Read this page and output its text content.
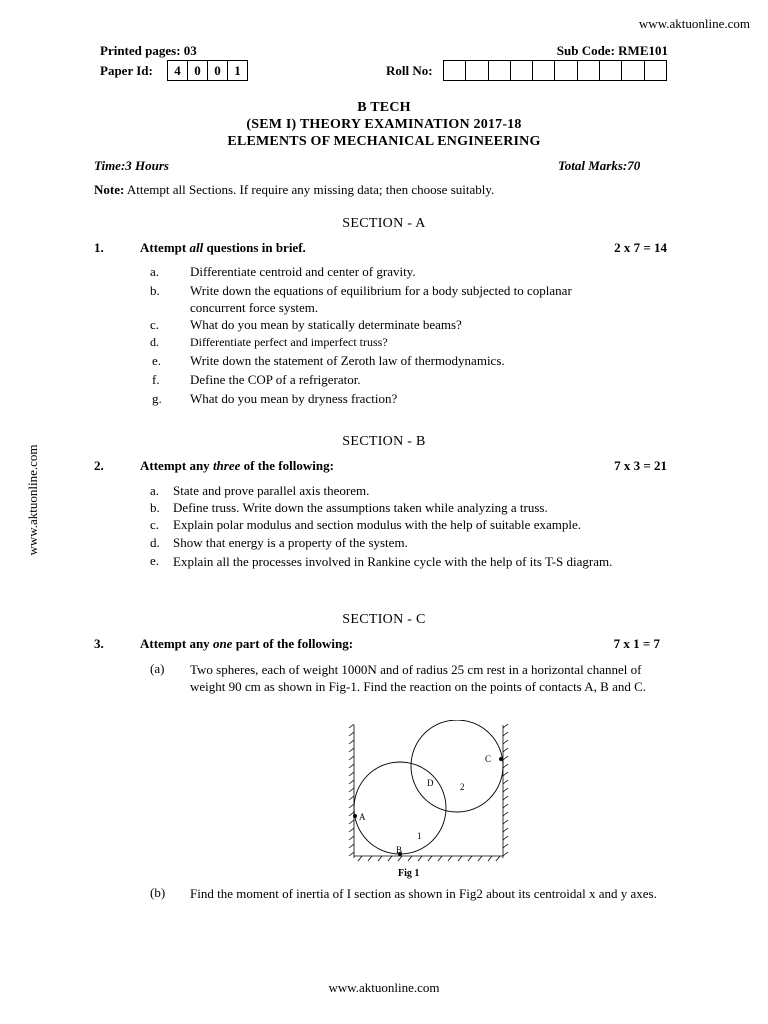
www.aktuonline.com
www.aktuonline.com
Printed pages: 03	Sub Code: RME101
Paper Id:	4	0	0	1	Roll No:
B TECH
(SEM I) THEORY EXAMINATION 2017-18
ELEMENTS OF MECHANICAL ENGINEERING
Time:3 Hours	Total Marks:70
Note: Attempt all Sections. If require any missing data; then choose suitably.
SECTION - A
1.	Attempt all questions in brief.	2 x 7 = 14
a. Differentiate centroid and center of gravity.
b. Write down the equations of equilibrium for a body subjected to coplanar
concurrent force system.
c. What do you mean by statically determinate beams?
d.	Differentiate perfect and imperfect truss?
e. Write down the statement of Zeroth law of thermodynamics.
f. Define the COP of a refrigerator.
g. What do you mean by dryness fraction?
SECTION - B
2.	Attempt any three of the following:	7 x 3 = 21
a. State and prove parallel axis theorem.
b. Define truss. Write down the assumptions taken while analyzing a truss.
c. Explain polar modulus and section modulus with the help of suitable example.
d. Show that energy is a property of the system.
e. Explain all the processes involved in Rankine cycle with the help of its T-S diagram.
SECTION - C
3.	Attempt any one part of the following:	7 x 1 = 7
(a) Two spheres, each of weight 1000N and of radius 25 cm rest in a horizontal channel of weight 90 cm as shown in Fig-1. Find the reaction on the points of contacts A, B and C.
A
B
C
D
1
2
Fig 1
(b) Find the moment of inertia of I section as shown in Fig2 about its centroidal x and y axes.
www.aktuonline.com
